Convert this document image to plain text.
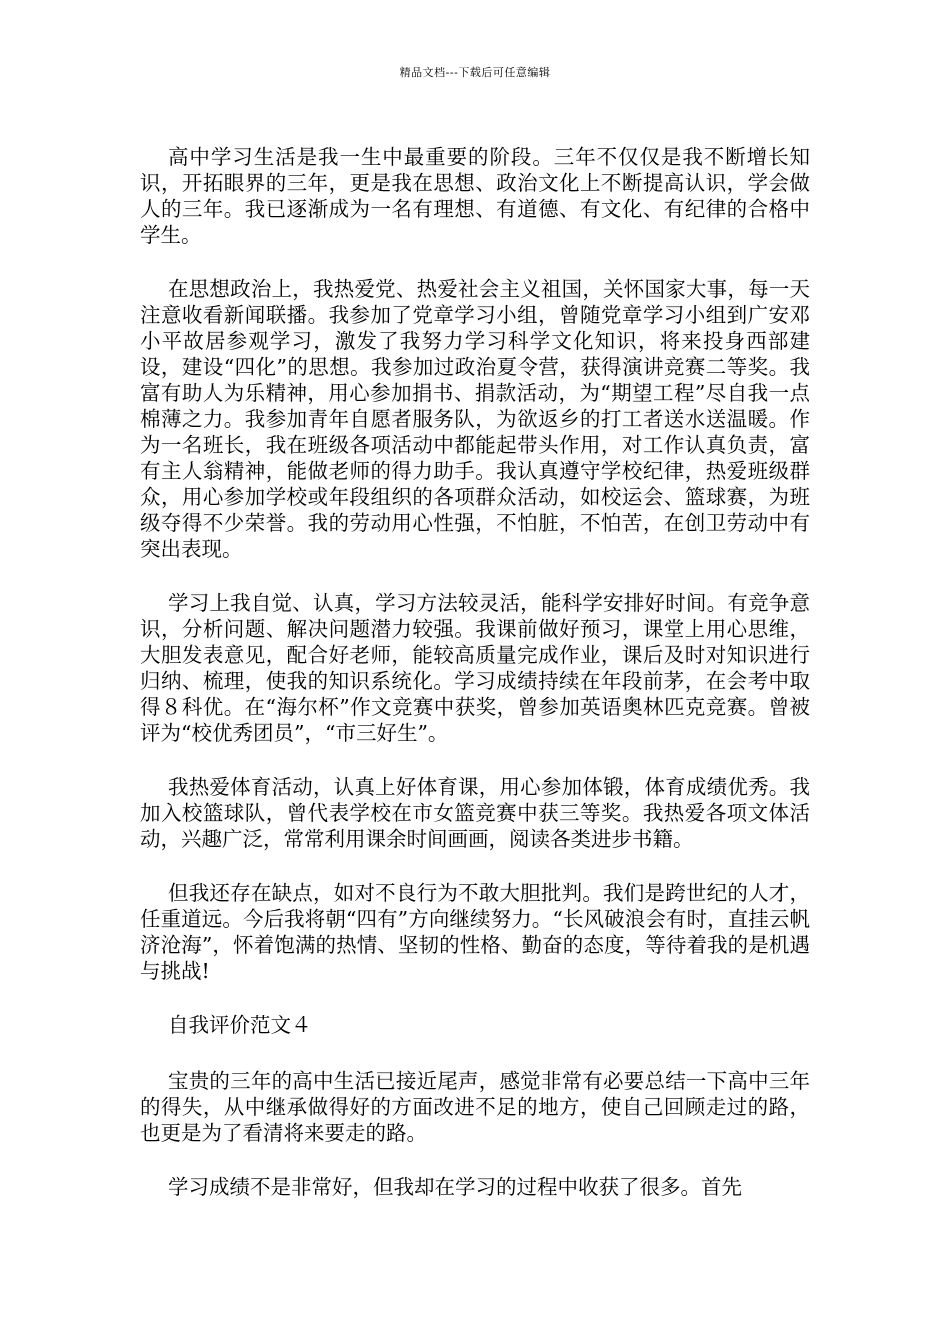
精品文档---下载后可任意编辑

高中学习生活是我一生中最重要的阶段。三年不仅仅是我不断增长知识，开拓眼界的三年，更是我在思想、政治文化上不断提高认识，学会做人的三年。我已逐渐成为一名有理想、有道德、有文化、有纪律的合格中学生。

在思想政治上，我热爱党、热爱社会主义祖国，关怀国家大事，每一天注意收看新闻联播。我参加了党章学习小组，曾随党章学习小组到广安邓小平故居参观学习，激发了我努力学习科学文化知识，将来投身西部建设，建设“四化”的思想。我参加过政治夏令营，获得演讲竞赛二等奖。我富有助人为乐精神，用心参加捐书、捐款活动，为“期望工程”尽自我一点棉薄之力。我参加青年自愿者服务队，为欲返乡的打工者送水送温暖。作为一名班长，我在班级各项活动中都能起带头作用，对工作认真负责，富有主人翁精神，能做老师的得力助手。我认真遵守学校纪律，热爱班级群众，用心参加学校或年段组织的各项群众活动，如校运会、篮球赛，为班级夺得不少荣誉。我的劳动用心性强，不怕脏，不怕苦，在创卫劳动中有突出表现。

学习上我自觉、认真，学习方法较灵活，能科学安排好时间。有竞争意识，分析问题、解决问题潜力较强。我课前做好预习，课堂上用心思维，大胆发表意见，配合好老师，能较高质量完成作业，课后及时对知识进行归纳、梳理，使我的知识系统化。学习成绩持续在年段前茅，在会考中取得８科优。在“海尔杯”作文竞赛中获奖，曾参加英语奥林匹克竞赛。曾被评为“校优秀团员”，“市三好生”。

我热爱体育活动，认真上好体育课，用心参加体锻，体育成绩优秀。我加入校篮球队，曾代表学校在市女篮竞赛中获三等奖。我热爱各项文体活动，兴趣广泛，常常利用课余时间画画，阅读各类进步书籍。

但我还存在缺点，如对不良行为不敢大胆批判。我们是跨世纪的人才，任重道远。今后我将朝“四有”方向继续努力。“长风破浪会有时，直挂云帆济沧海”，怀着饱满的热情、坚韧的性格、勤奋的态度，等待着我的是机遇与挑战!

自我评价范文４

宝贵的三年的高中生活已接近尾声，感觉非常有必要总结一下高中三年的得失，从中继承做得好的方面改进不足的地方，使自己回顾走过的路，也更是为了看清将来要走的路。

学习成绩不是非常好，但我却在学习的过程中收获了很多。首先
